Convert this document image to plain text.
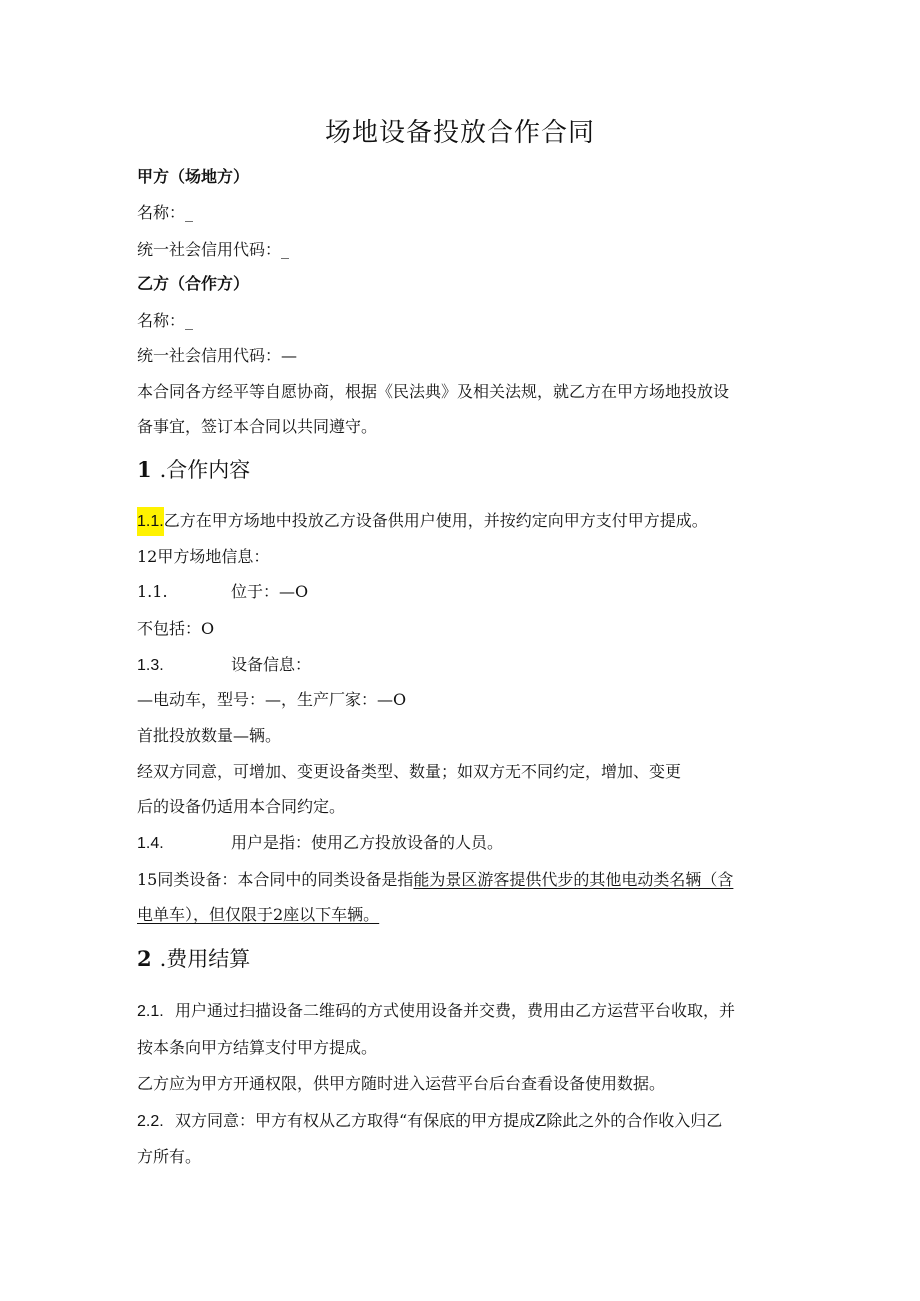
场地设备投放合作合同
甲方（场地方）
名称：_
统一社会信用代码：_
乙方（合作方）
名称：_
统一社会信用代码：—
本合同各方经平等自愿协商，根据《民法典》及相关法规，就乙方在甲方场地投放设
备事宜，签订本合同以共同遵守。
1 .合作内容
1.1.乙方在甲方场地中投放乙方设备供用户使用，并按约定向甲方支付甲方提成。
12甲方场地信息：
1.1.	位于：—O
不包括：O
1.3.	设备信息：
—电动车，型号：—，生产厂家：—O
首批投放数量—辆。
经双方同意，可增加、变更设备类型、数量；如双方无不同约定，增加、变更
后的设备仍适用本合同约定。
1.4.	用户是指：使用乙方投放设备的人员。
15同类设备：本合同中的同类设备是指能为景区游客提供代步的其他电动类名辆（含
电单车），但仅限于2座以下车辆。
2 .费用结算
2.1. 用户通过扫描设备二维码的方式使用设备并交费，费用由乙方运营平台收取，并
按本条向甲方结算支付甲方提成。
乙方应为甲方开通权限，供甲方随时进入运营平台后台查看设备使用数据。
2.2. 双方同意：甲方有权从乙方取得“有保底的甲方提成Z除此之外的合作收入归乙
方所有。
